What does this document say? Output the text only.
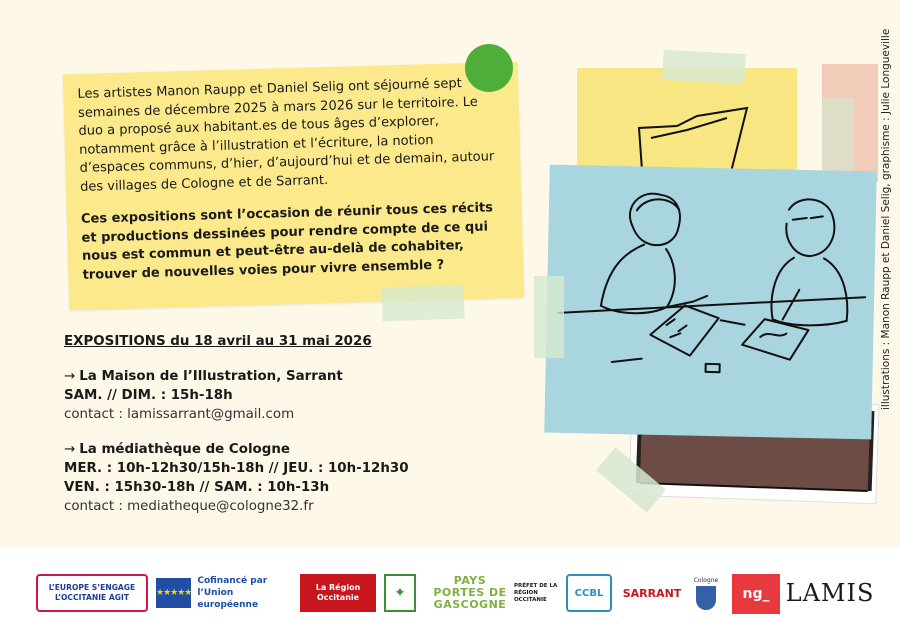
Les artistes Manon Raupp et Daniel Selig ont séjourné sept semaines de décembre 2025 à mars 2026 sur le territoire. Le duo a proposé aux habitant.es de tous âges d’explorer, notamment grâce à l’illustration et l’écriture, la notion d’espaces communs, d’hier, d’aujourd’hui et de demain, autour des villages de Cologne et de Sarrant.

Ces expositions sont l’occasion de réunir tous ces récits et productions dessinées pour rendre compte de ce qui nous est commun et peut-être au-delà de cohabiter, trouver de nouvelles voies pour vivre ensemble ?

EXPOSITIONS du 18 avril au 31 mai 2026
→ La Maison de l’Illustration, Sarrant
SAM. // DIM. : 15h-18h
contact : lamissarrant@gmail.com
→ La médiathèque de Cologne
MER. : 10h-12h30/15h-18h // JEU. : 10h-12h30
VEN. : 15h30-18h // SAM. : 10h-13h
contact : mediatheque@cologne32.fr
illustrations : Manon Raupp et Daniel Selig, graphisme : Julie Longueville
L’EUROPE S’ENGAGE L’OCCITANIE AGIT	★★★★★
Cofinancé par l’Union européenne
La Région Occitanie	✦
PAYS PORTES DE GASCOGNE
PRÉFET DE LA RÉGION OCCITANIE
CCBL	SARRANT
Cologne
ng_ LAMIS
